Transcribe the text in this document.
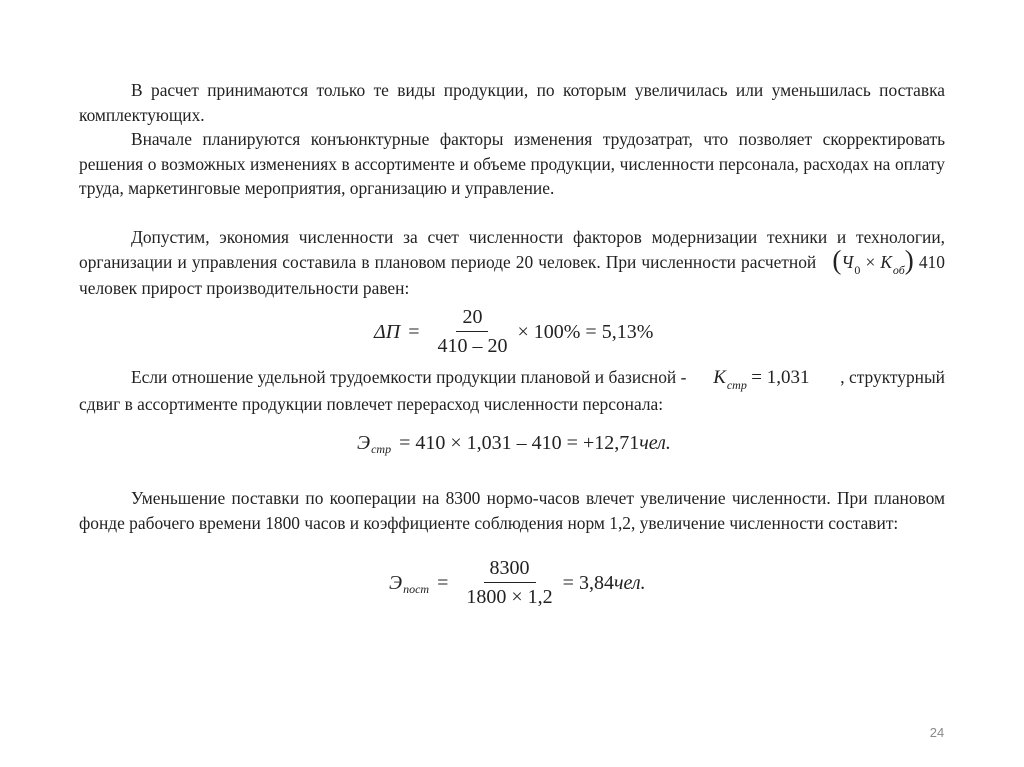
В расчет принимаются только те виды продукции, по которым увеличилась или уменьшилась поставка комплектующих.
Вначале планируются конъюнктурные факторы изменения трудозатрат, что позволяет скорректировать решения о возможных изменениях в ассортименте и объеме продукции, численности персонала, расходах на оплату труда, маркетинговые мероприятия, организацию и управление.
Допустим, экономия численности за счет численности факторов модернизации техники и технологии, организации и управления составила в плановом периоде 20 человек. При численности расчетной $(Ч_0 \times К_{об})$ 410 человек прирост производительности равен:
$\Delta П = \frac{20}{410 - 20} \times 100\% = 5,13\%$
Если отношение удельной трудоемкости продукции плановой и базисной - $К_{стр} = 1,031$ , структурный сдвиг в ассортименте продукции повлечет перерасход численности персонала:
Э стр = 410 × 1,031 – 410 = +12,71 чел.
Уменьшение поставки по кооперации на 8300 нормо-часов влечет увеличение численности. При плановом фонде рабочего времени 1800 часов и коэффициенте соблюдения норм 1,2, увеличение численности составит:
Э пост = $\frac{8300}{1800 \times 1,2} = 3,84$ чел.
24
